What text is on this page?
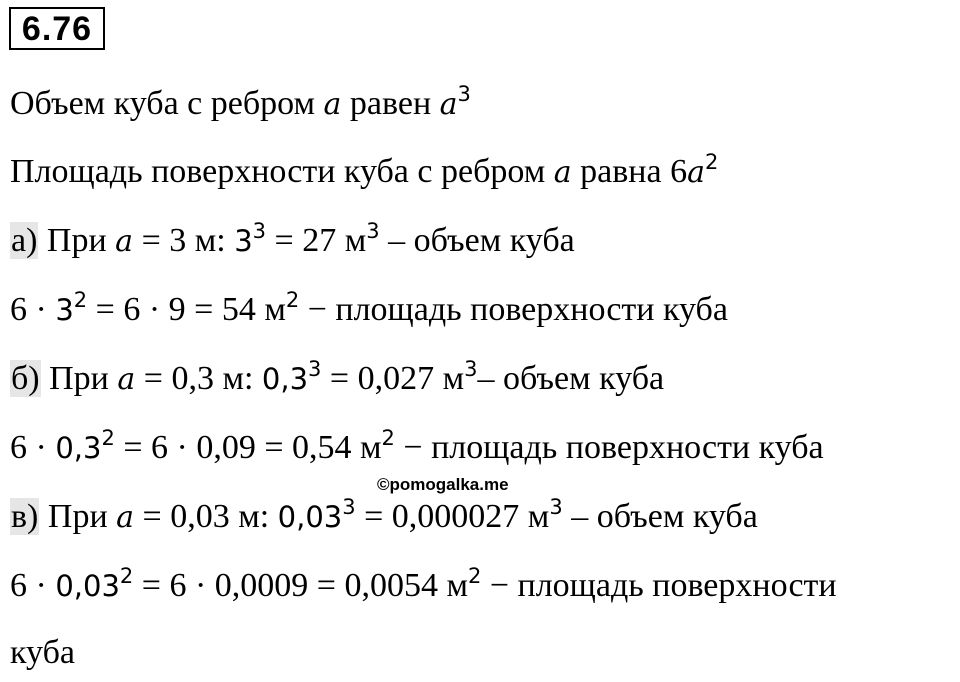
6.76
Объем куба с ребром a равен $a^3$
Площадь поверхности куба с ребром a равна $6a^2$
а) При a = 3 м: $3^3 = 27$ $м^3$ – объем куба
$6 \cdot 3^2 = 6 \cdot 9 = 54$ $м^2$ − площадь поверхности куба
б) При a = 0,3 м: $0,3^3 = 0,027$ $м^3-$ объем куба
$6 \cdot 0,3^2 = 6 \cdot 0,09 = 0,54$ $м^2$ − площадь поверхности куба
©pomogalka.me
в) При a = 0,03 м: $0,03^3 = 0,000027$ $м^3$ – объем куба
$6 \cdot 0,03^2 = 6 \cdot 0,0009 = 0,0054$ $м^2$ − площадь поверхности
куба
